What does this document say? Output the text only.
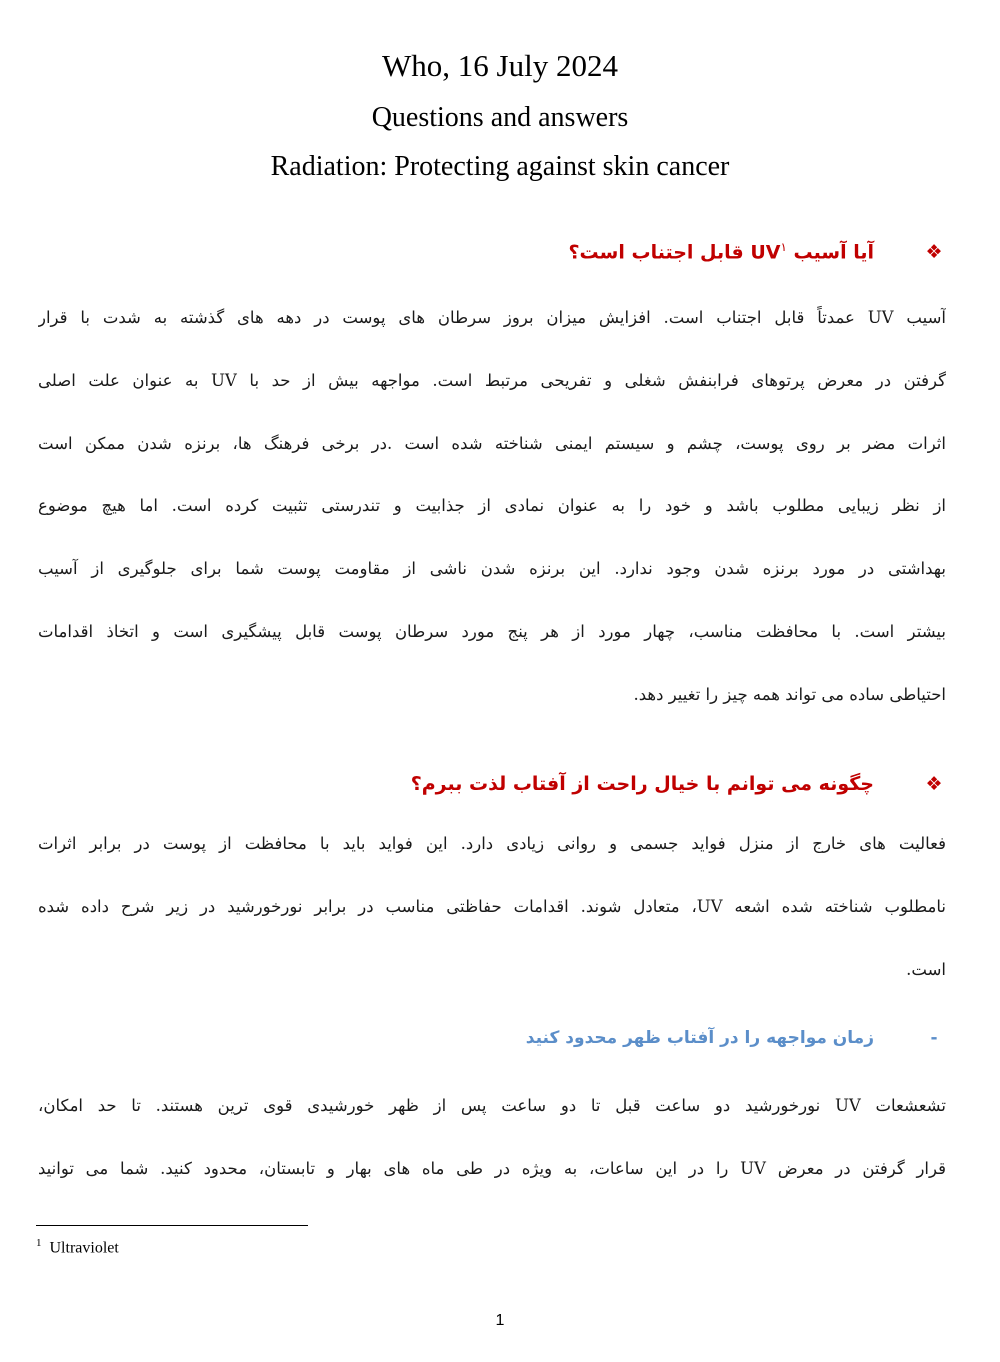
Who, 16 July 2024
Questions and answers
Radiation: Protecting against skin cancer
❖
آیا آسیب $UV^۱$ قابل اجتناب است؟
آسیب UV عمدتاً قابل اجتناب است. افزایش میزان بروز سرطان های پوست در دهه های گذشته به شدت با قرار
گرفتن در معرض پرتوهای فرابنفش شغلی و تفریحی مرتبط است. مواجهه بیش از حد با UV به عنوان علت اصلی
اثرات مضر بر روی پوست، چشم و سیستم ایمنی شناخته شده است .در برخی فرهنگ ها، برنزه شدن ممکن است
از نظر زیبایی مطلوب باشد و خود را به عنوان نمادی از جذابیت و تندرستی تثبیت کرده است. اما هیچ موضوع
بهداشتی در مورد برنزه شدن وجود ندارد. این برنزه شدن ناشی از مقاومت پوست شما برای جلوگیری از آسیب
بیشتر است. با محافظت مناسب، چهار مورد از هر پنج مورد سرطان پوست قابل پیشگیری است و اتخاذ اقدامات
احتیاطی ساده می تواند همه چیز را تغییر دهد.
❖
چگونه می توانم با خیال راحت از آفتاب لذت ببرم؟
فعالیت های خارج از منزل فواید جسمی و روانی زیادی دارد. این فواید باید با محافظت از پوست در برابر اثرات
نامطلوب شناخته شده اشعه UV، متعادل شوند. اقدامات حفاظتی مناسب در برابر نورخورشید در زیر شرح داده شده
است.
-
زمان مواجهه را در آفتاب ظهر محدود کنید
تشعشعات UV نورخورشید دو ساعت قبل تا دو ساعت پس از ظهر خورشیدی قوی ترین هستند. تا حد امکان،
قرار گرفتن در معرض UV را در این ساعات، به ویژه در طی ماه های بهار و تابستان، محدود کنید. شما می توانید
$^1$ Ultraviolet
1
